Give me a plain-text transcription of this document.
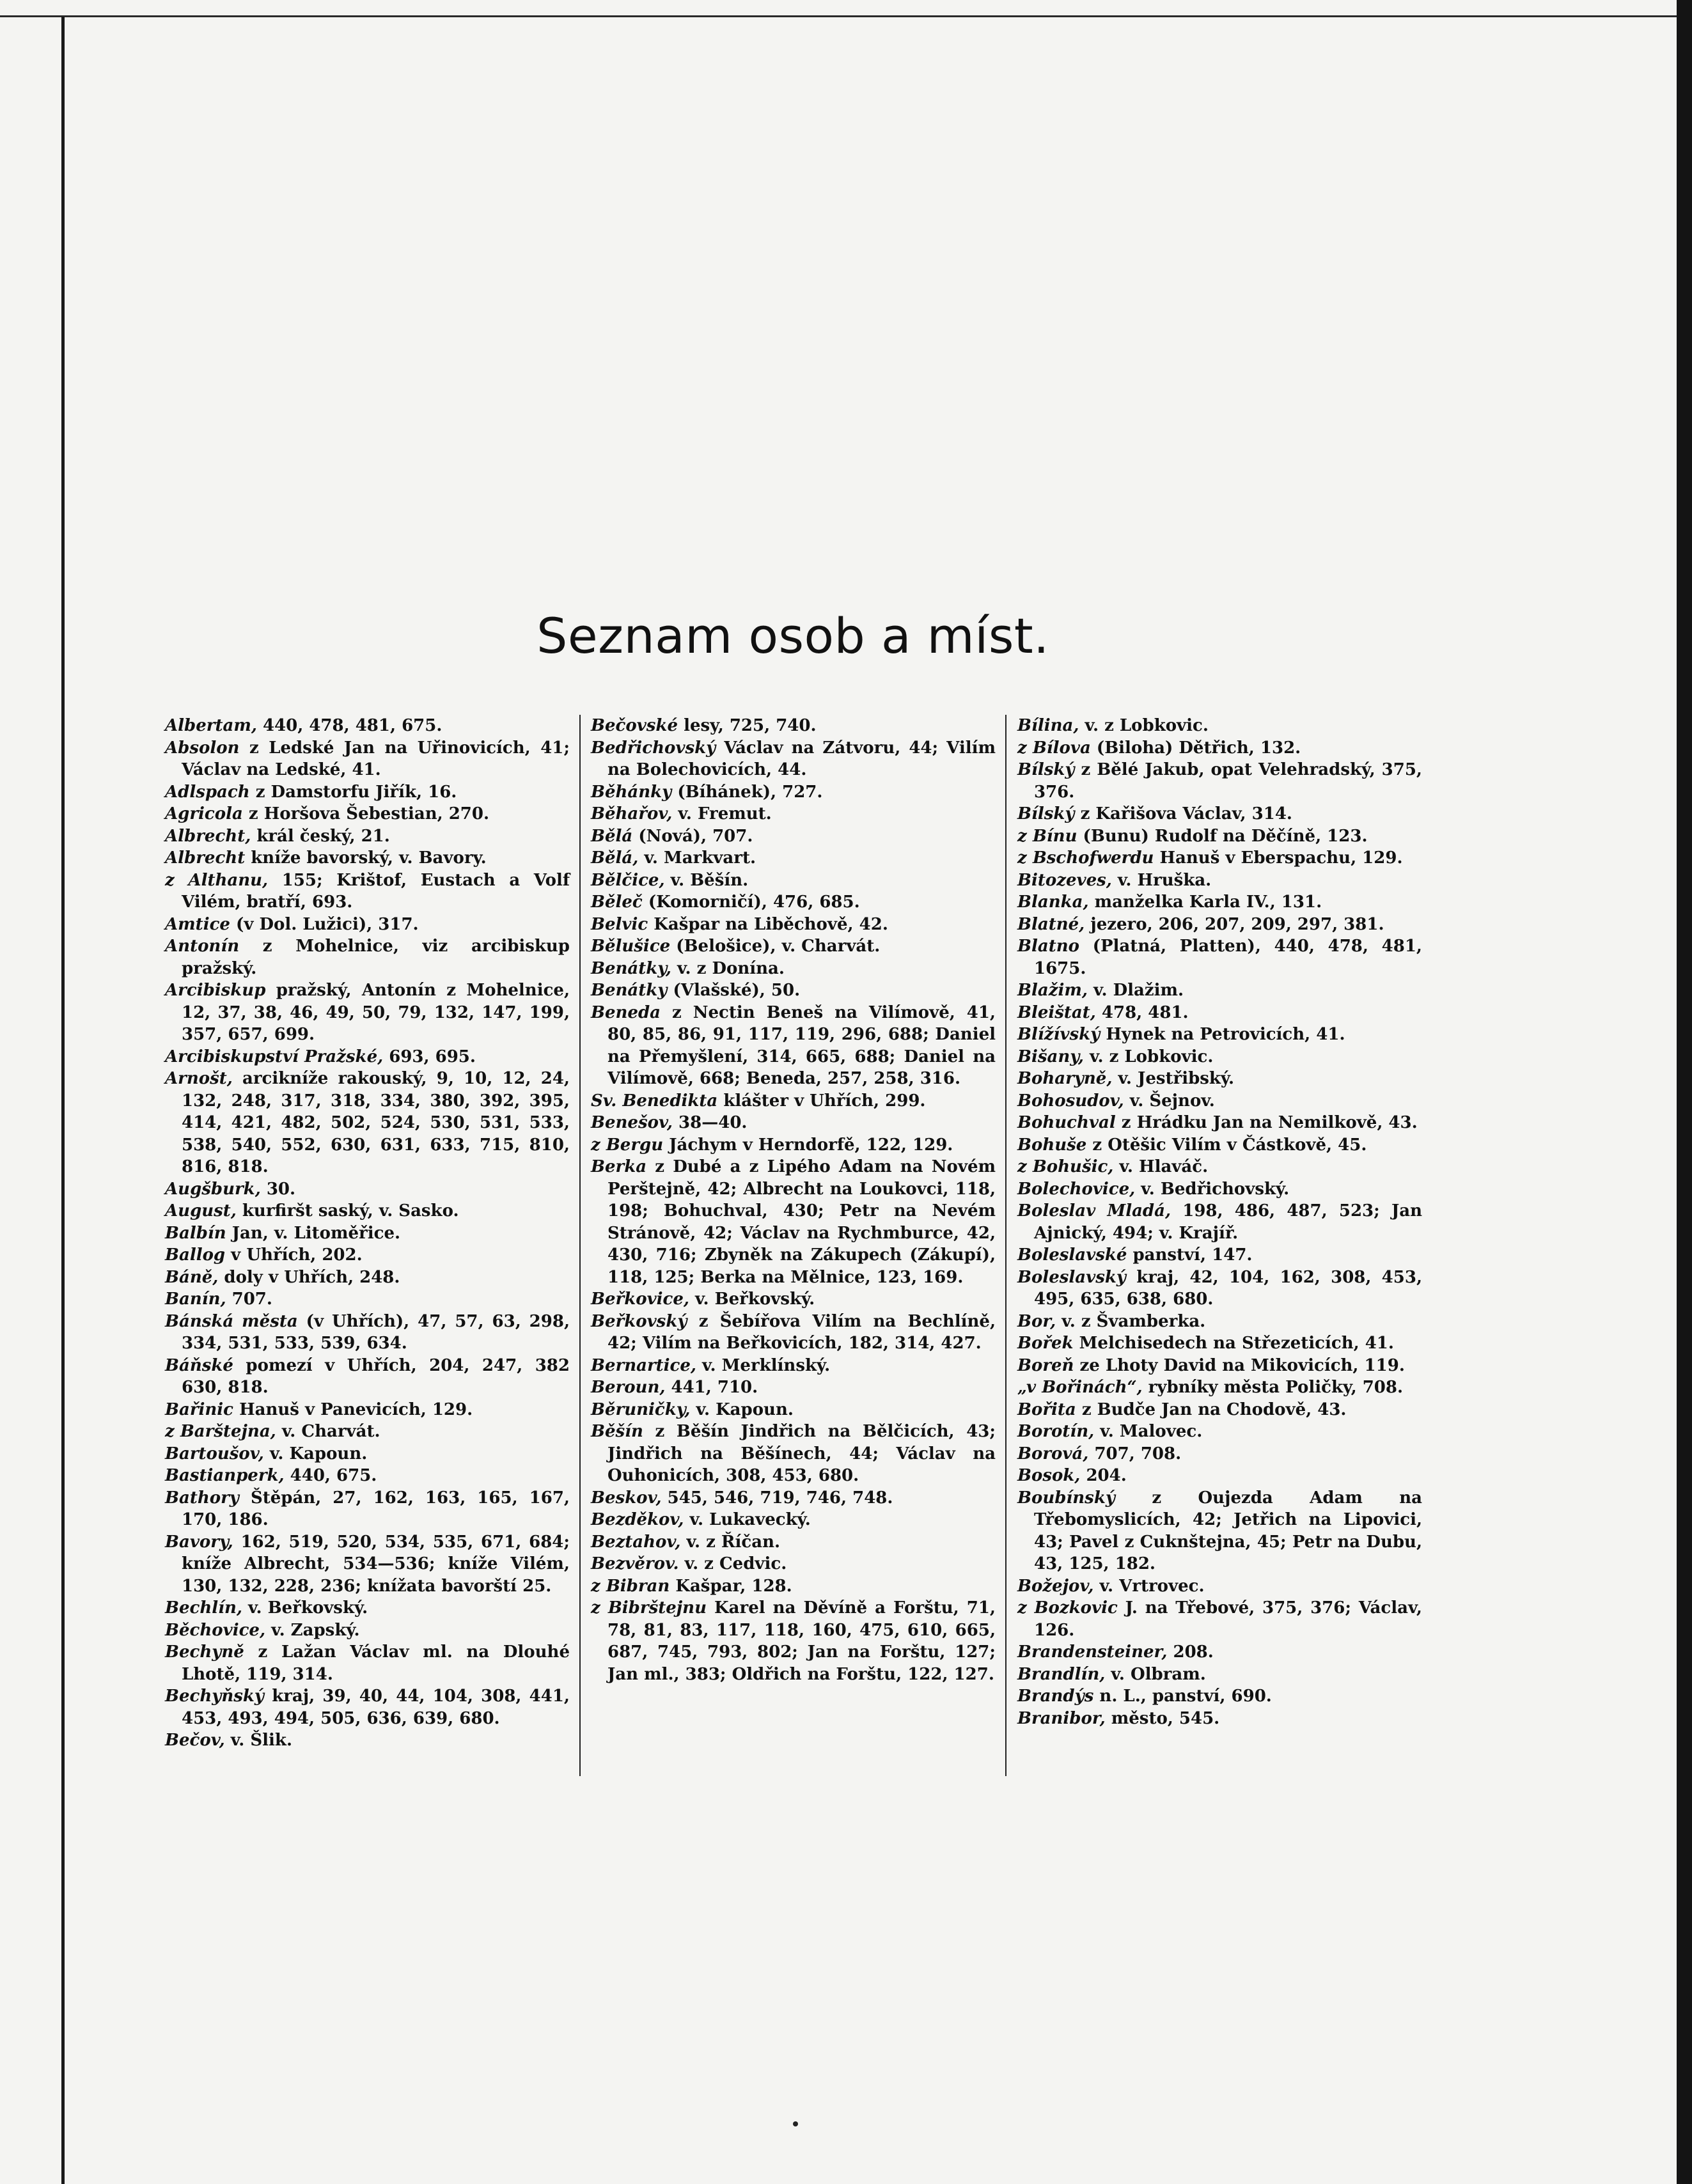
Seznam osob a míst.
Albertam, 440, 478, 481, 675.
Absolon z Ledské Jan na Uřinovicích, 41; Václav na Ledské, 41.
Adlspach z Damstorfu Jiřík, 16.
Agricola z Horšova Šebestian, 270.
Albrecht, král český, 21.
Albrecht kníže bavorský, v. Bavory.
z Althanu, 155; Krištof, Eustach a Volf Vilém, bratří, 693.
Amtice (v Dol. Lužici), 317.
Antonín z Mohelnice, viz arcibiskup pražský.
Arcibiskup pražský, Antonín z Mohelnice, 12, 37, 38, 46, 49, 50, 79, 132, 147, 199, 357, 657, 699.
Arcibiskupství Pražské, 693, 695.
Arnošt, arcikníže rakouský, 9, 10, 12, 24, 132, 248, 317, 318, 334, 380, 392, 395, 414, 421, 482, 502, 524, 530, 531, 533, 538, 540, 552, 630, 631, 633, 715, 810, 816, 818.
Augšburk, 30.
August, kurfiršt saský, v. Sasko.
Balbín Jan, v. Litoměřice.
Ballog v Uhřích, 202.
Báně, doly v Uhřích, 248.
Banín, 707.
Bánská města (v Uhřích), 47, 57, 63, 298, 334, 531, 533, 539, 634.
Báňské pomezí v Uhřích, 204, 247, 382 630, 818.
Bařinic Hanuš v Panevicích, 129.
z Barštejna, v. Charvát.
Bartoušov, v. Kapoun.
Bastianperk, 440, 675.
Bathory Štěpán, 27, 162, 163, 165, 167, 170, 186.
Bavory, 162, 519, 520, 534, 535, 671, 684; kníže Albrecht, 534—536; kníže Vilém, 130, 132, 228, 236; knížata bavorští 25.
Bechlín, v. Beřkovský.
Běchovice, v. Zapský.
Bechyně z Lažan Václav ml. na Dlouhé Lhotě, 119, 314.
Bechyňský kraj, 39, 40, 44, 104, 308, 441, 453, 493, 494, 505, 636, 639, 680.
Bečov, v. Šlik.
Bečovské lesy, 725, 740.
Bedřichovský Václav na Zátvoru, 44; Vilím na Bolechovicích, 44.
Běhánky (Bíhánek), 727.
Běhařov, v. Fremut.
Bělá (Nová), 707.
Bělá, v. Markvart.
Bělčice, v. Běšín.
Běleč (Komorničí), 476, 685.
Belvic Kašpar na Liběchově, 42.
Bělušice (Belošice), v. Charvát.
Benátky, v. z Donína.
Benátky (Vlašské), 50.
Beneda z Nectin Beneš na Vilímově, 41, 80, 85, 86, 91, 117, 119, 296, 688; Daniel na Přemyšlení, 314, 665, 688; Daniel na Vilímově, 668; Beneda, 257, 258, 316.
Sv. Benedikta klášter v Uhřích, 299.
Benešov, 38—40.
z Bergu Jáchym v Herndorfě, 122, 129.
Berka z Dubé a z Lipého Adam na Novém Perštejně, 42; Albrecht na Loukovci, 118, 198; Bohuchval, 430; Petr na Nevém Stránově, 42; Václav na Rychmburce, 42, 430, 716; Zbyněk na Zákupech (Zákupí), 118, 125; Berka na Mělnice, 123, 169.
Beřkovice, v. Beřkovský.
Beřkovský z Šebířova Vilím na Bechlíně, 42; Vilím na Beřkovicích, 182, 314, 427.
Bernartice, v. Merklínský.
Beroun, 441, 710.
Běruničky, v. Kapoun.
Běšín z Běšín Jindřich na Bělčicích, 43; Jindřich na Běšínech, 44; Václav na Ouhonicích, 308, 453, 680.
Beskov, 545, 546, 719, 746, 748.
Bezděkov, v. Lukavecký.
Beztahov, v. z Říčan.
Bezvěrov. v. z Cedvic.
z Bibran Kašpar, 128.
z Bibrštejnu Karel na Děvíně a Forštu, 71, 78, 81, 83, 117, 118, 160, 475, 610, 665, 687, 745, 793, 802; Jan na Forštu, 127; Jan ml., 383; Oldřich na Forštu, 122, 127.
Bílina, v. z Lobkovic.
z Bílova (Biloha) Dětřich, 132.
Bílský z Bělé Jakub, opat Velehradský, 375, 376.
Bílský z Kařišova Václav, 314.
z Bínu (Bunu) Rudolf na Děčíně, 123.
z Bschofwerdu Hanuš v Eberspachu, 129.
Bitozeves, v. Hruška.
Blanka, manželka Karla IV., 131.
Blatné, jezero, 206, 207, 209, 297, 381.
Blatno (Platná, Platten), 440, 478, 481, 1675.
Blažim, v. Dlažim.
Bleištat, 478, 481.
Blížívský Hynek na Petrovicích, 41.
Bišany, v. z Lobkovic.
Boharyně, v. Jestřibský.
Bohosudov, v. Šejnov.
Bohuchval z Hrádku Jan na Nemilkově, 43.
Bohuše z Otěšic Vilím v Částkově, 45.
z Bohušic, v. Hlaváč.
Bolechovice, v. Bedřichovský.
Boleslav Mladá, 198, 486, 487, 523; Jan Ajnický, 494; v. Krajíř.
Boleslavské panství, 147.
Boleslavský kraj, 42, 104, 162, 308, 453, 495, 635, 638, 680.
Bor, v. z Švamberka.
Bořek Melchisedech na Střezeticích, 41.
Boreň ze Lhoty David na Mikovicích, 119.
„v Bořinách“, rybníky města Poličky, 708.
Bořita z Budče Jan na Chodově, 43.
Borotín, v. Malovec.
Borová, 707, 708.
Bosok, 204.
Boubínský z Oujezda Adam na Třebomyslicích, 42; Jetřich na Lipovici, 43; Pavel z Cuknštejna, 45; Petr na Dubu, 43, 125, 182.
Božejov, v. Vrtrovec.
z Bozkovic J. na Třebové, 375, 376; Václav, 126.
Brandensteiner, 208.
Brandlín, v. Olbram.
Brandýs n. L., panství, 690.
Branibor, město, 545.
